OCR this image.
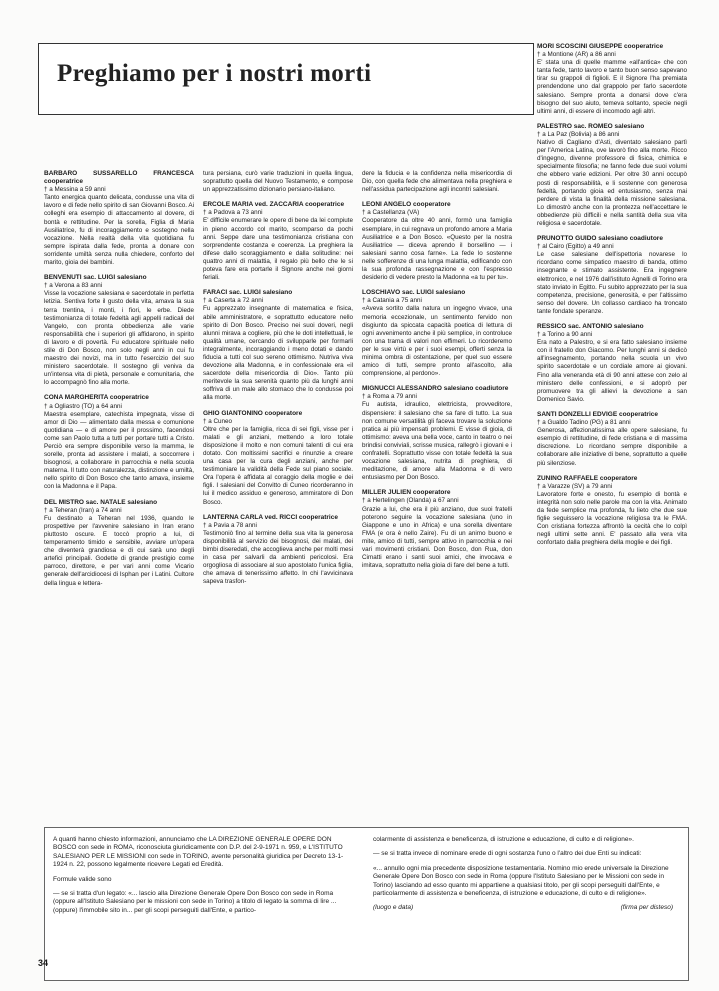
Preghiamo per i nostri morti
BARBARO SUSSARELLO FRANCESCA cooperatrice
† a Messina a 59 anni
Tanto energica quanto delicata, condusse una vita di lavoro e di fede nello spirito di san Giovanni Bosco. Ai colleghi era esempio di attaccamento al dovere, di bontà e rettitudine. Per la sorella, Figlia di Maria Ausiliatrice, fu di incoraggiamento e sostegno nella vocazione. Nella realtà della vita quotidiana fu sempre ispirata dalla fede, pronta a donare con sorridente umiltà senza nulla chiedere, conforto del marito, gioia dei bambini.
BENVENUTI sac. LUIGI salesiano
† a Verona a 83 anni
Visse la vocazione salesiana e sacerdotale in perfetta letizia. Sentiva forte il gusto della vita, amava la sua terra trentina, i monti, i fiori, le erbe. Diede testimonianza di totale fedeltà agli appelli radicali del Vangelo, con pronta obbedienza alle varie responsabilità che i superiori gli affidarono, in spirito di lavoro e di povertà. Fu educatore spirituale nello stile di Don Bosco, non solo negli anni in cui fu maestro dei novizi, ma in tutto l'esercizio del suo ministero sacerdotale. Il sostegno gli veniva da un'intensa vita di pietà, personale e comunitaria, che lo accompagnò fino alla morte.
CONA MARGHERITA cooperatrice
† a Ogliastro (TO) a 64 anni
Maestra esemplare, catechista impegnata, visse di amor di Dio — alimentato dalla messa e comunione quotidiana — e di amore per il prossimo, facendosi come san Paolo tutta a tutti per portare tutti a Cristo. Perciò era sempre disponibile verso la mamma, le sorelle, pronta ad assistere i malati, a soccorrere i bisognosi, a collaborare in parrocchia e nella scuola materna. Il tutto con naturalezza, distinzione e umiltà, nello spirito di Don Bosco che tanto amava, insieme con la Madonna e il Papa.
DEL MISTRO sac. NATALE salesiano
† a Teheran (Iran) a 74 anni
Fu destinato a Teheran nel 1936, quando le prospettive per l'avvenire salesiano in Iran erano piuttosto oscure. E toccò proprio a lui, di temperamento timido e sensibile, avviare un'opera che diventerà grandiosa e di cui sarà uno degli artefici principali. Godette di grande prestigio come parroco, direttore, e per vari anni come Vicario generale dell'arcidiocesi di Isphan per i Latini. Cultore della lingua e lettera-
tura persiana, curò varie traduzioni in quella lingua, soprattutto quella del Nuovo Testamento, e compose un apprezzatissimo dizionario persiano-italiano.
ERCOLE MARIA ved. ZACCARIA cooperatrice
† a Padova a 73 anni
E' difficile enumerare le opere di bene da lei compiute in pieno accordo col marito, scomparso da pochi anni. Seppe dare una testimonianza cristiana con sorprendente costanza e coerenza. La preghiera la difese dallo scoraggiamento e dalla solitudine: nei quattro anni di malattia, il regalo più bello che le si poteva fare era portarle il Signore anche nei giorni feriali.
FARACI sac. LUIGI salesiano
† a Caserta a 72 anni
Fu apprezzato insegnante di matematica e fisica, abile amministratore, e soprattutto educatore nello spirito di Don Bosco. Preciso nei suoi doveri, negli alunni mirava a cogliere, più che le doti intellettuali, le qualità umane, cercando di svilupparle per formarli integralmente, incoraggiando i meno dotati e dando fiducia a tutti col suo sereno ottimismo. Nutriva viva devozione alla Madonna, e in confessionale era «il sacerdote della misericordia di Dio». Tanto più meritevole la sua serenità quanto più da lunghi anni soffriva di un male allo stomaco che lo condusse poi alla morte.
GHIO GIANTONINO cooperatore
† a Cuneo
Oltre che per la famiglia, ricca di sei figli, visse per i malati e gli anziani, mettendo a loro totale disposizione il molto e non comuni talenti di cui era dotato. Con moltissimi sacrifici e rinunzie a creare una casa per la cura degli anziani, anche per testimoniare la validità della Fede sul piano sociale. Ora l'opera è affidata al coraggio della moglie e dei figli. I salesiani del Convitto di Cuneo ricorderanno in lui il medico assiduo e generoso, ammiratore di Don Bosco.
LANTERNA CARLA ved. RICCI cooperatrice
† a Pavia a 78 anni
Testimoniò fino al termine della sua vita la generosa disponibilità al servizio dei bisognosi, dei malati, dei bimbi diseredati, che accoglieva anche per molti mesi in casa per salvarli da ambienti pericolosi. Era orgogliosa di associare al suo apostolato l'unica figlia, che amava di tenerissimo affetto. In chi l'avvicinava sapeva trasfon-
dere la fiducia e la confidenza nella misericordia di Dio, con quella fede che alimentava nella preghiera e nell'assidua partecipazione agli incontri salesiani.
LEONI ANGELO cooperatore
† a Castellanza (VA)
Cooperatore da oltre 40 anni, formò una famiglia esemplare, in cui regnava un profondo amore a Maria Ausiliatrice e a Don Bosco. «Questo per la nostra Ausiliatrice — diceva aprendo il borsellino — i salesiani sanno cosa farne». La fede lo sostenne nelle sofferenze di una lunga malattia, edificando con la sua profonda rassegnazione e con l'espresso desiderio di vedere presto la Madonna «a tu per tu».
LOSCHIAVO sac. LUIGI salesiano
† a Catania a 75 anni
«Aveva sortito dalla natura un ingegno vivace, una memoria eccezionale, un sentimento fervido non disgiunto da spiccata capacità poetica di lettura di ogni avvenimento anche il più semplice, in controluce con una trama di valori non effimeri. Lo ricorderemo per le sue virtù e per i suoi esempi, offerti senza la minima ombra di ostentazione, per quel suo essere amico di tutti, sempre pronto all'ascolto, alla comprensione, al perdono».
MIGNUCCI ALESSANDRO salesiano coadiutore
† a Roma a 79 anni
Fu autista, idraulico, elettricista, provveditore, dispensiere: il salesiano che sa fare di tutto. La sua non comune versatilità gli faceva trovare la soluzione pratica ai più impensati problemi. E visse di gioia, di ottimismo: aveva una bella voce, canto in teatro o nei brindisi conviviali, scrisse musica, rallegrò i giovani e i confratelli. Soprattutto visse con totale fedeltà la sua vocazione salesiana, nutrita di preghiera, di meditazione, di amore alla Madonna e di vero entusiasmo per Don Bosco.
MILLER JULIEN cooperatore
† a Hertelingen (Olanda) a 67 anni
Grazie a lui, che era il più anziano, due suoi fratelli poterono seguire la vocazione salesiana (uno in Giappone e uno in Africa) e una sorella diventare FMA (e ora è nello Zaire). Fu di un animo buono e mite, amico di tutti, sempre attivo in parrocchia e nei vari movimenti cristiani. Don Bosco, don Rua, don Cimatti erano i santi suoi amici, che invocava e imitava, soprattutto nella gioia di fare del bene a tutti.
MORI SCOSCINI GIUSEPPE cooperatrice
† a Montione (AR) a 86 anni
E' stata una di quelle mamme «all'antica» che con tanta fede, tanto lavoro e tanto buon senso sapevano tirar su grappoli di figlioli. E il Signore l'ha premiata prendendone uno dal grappolo per farlo sacerdote salesiano. Sempre pronta a donarsi dove c'era bisogno del suo aiuto, temeva soltanto, specie negli ultimi anni, di essere di incomodo agli altri.
PALESTRO sac. ROMEO salesiano
† a La Paz (Bolivia) a 86 anni
Nativo di Cagliano d'Asti, diventato salesiano partì per l'America Latina, ove lavorò fino alla morte. Ricco d'ingegno, divenne professore di fisica, chimica e specialmente filosofia; ne fanno fede due suoi volumi che ebbero varie edizioni. Per oltre 30 anni occupò posti di responsabilità, e li sostenne con generosa fedeltà, portando gioia ed entusiasmo, senza mai perdere di vista la finalità della missione salesiana. Lo dimostrò anche con la prontezza nell'accettare le obbedienze più difficili e nella santità della sua vita religiosa e sacerdotale.
PRUNOTTO GUIDO salesiano coadiutore
† al Cairo (Egitto) a 49 anni
Le case salesiane dell'ispettoria novarese lo ricordano come simpatico maestro di banda, ottimo insegnante e stimato assistente. Era ingegnere elettronico, e nel 1976 dall'istituto Agnelli di Torino era stato inviato in Egitto. Fu subito apprezzato per la sua competenza, precisione, generosità, e per l'altissimo senso del dovere. Un collasso cardiaco ha troncato tante fondate speranze.
RESSICO sac. ANTONIO salesiano
† a Torino a 90 anni
Era nato a Palestro, e si era fatto salesiano insieme con il fratello don Giacomo. Per lunghi anni si dedicò all'insegnamento, portando nella scuola un vivo spirito sacerdotale e un cordiale amore ai giovani. Fino alla veneranda età di 90 anni attese con zelo al ministero delle confessioni, e si adoprò per promuovere tra gli allievi la devozione a san Domenico Savio.
SANTI DONZELLI EDVIGE cooperatrice
† a Gualdo Tadino (PG) a 81 anni
Generosa, affezionatissima alle opere salesiane, fu esempio di rettitudine, di fede cristiana e di massima discrezione. Lo ricordano sempre disponibile a collaborare alle iniziative di bene, soprattutto a quelle più silenziose.
ZUNINO RAFFAELE cooperatore
† a Varazze (SV) a 79 anni
Lavoratore forte e onesto, fu esempio di bontà e integrità non solo nelle parole ma con la vita. Animato da fede semplice ma profonda, fu lieto che due sue figlie seguissero la vocazione religiosa tra le FMA. Con cristiana fortezza affrontò la cecità che lo colpì negli ultimi sette anni. E' passato alla vera vita confortato dalla preghiera della moglie e dei figli.

A quanti hanno chiesto informazioni, annunciamo che LA DIREZIONE GENERALE OPERE DON BOSCO con sede in ROMA, riconosciuta giuridicamente con D.P. del 2-9-1971 n. 959, e L'ISTITUTO SALESIANO PER LE MISSIONI con sede in TORINO, avente personalità giuridica per Decreto 13-1-1924 n. 22, possono legalmente ricevere Legati ed Eredità.

Formule valide sono

— se si tratta d'un legato: «... lascio alla Direzione Generale Opere Don Bosco con sede in Roma (oppure all'Istituto Salesiano per le missioni con sede in Torino) a titolo di legato la somma di lire ... (oppure) l'immobile sito in... per gli scopi perseguiti dall'Ente, e partico-

colarmente di assistenza e beneficenza, di istruzione e educazione, di culto e di religione».

— se si tratta invece di nominare erede di ogni sostanza l'uno o l'altro dei due Enti su indicati:

«... annullo ogni mia precedente disposizione testamentaria. Nomino mio erede universale la Direzione Generale Opere Don Bosco con sede in Roma (oppure l'Istituto Salesiano per le Missioni con sede in Torino) lasciando ad esso quanto mi appartiene a qualsiasi titolo, per gli scopi perseguiti dall'Ente, e particolarmente di assistenza e beneficenza, di istruzione e educazione, di culto e di religione».

(luogo e data)	(firma per disteso)
34
